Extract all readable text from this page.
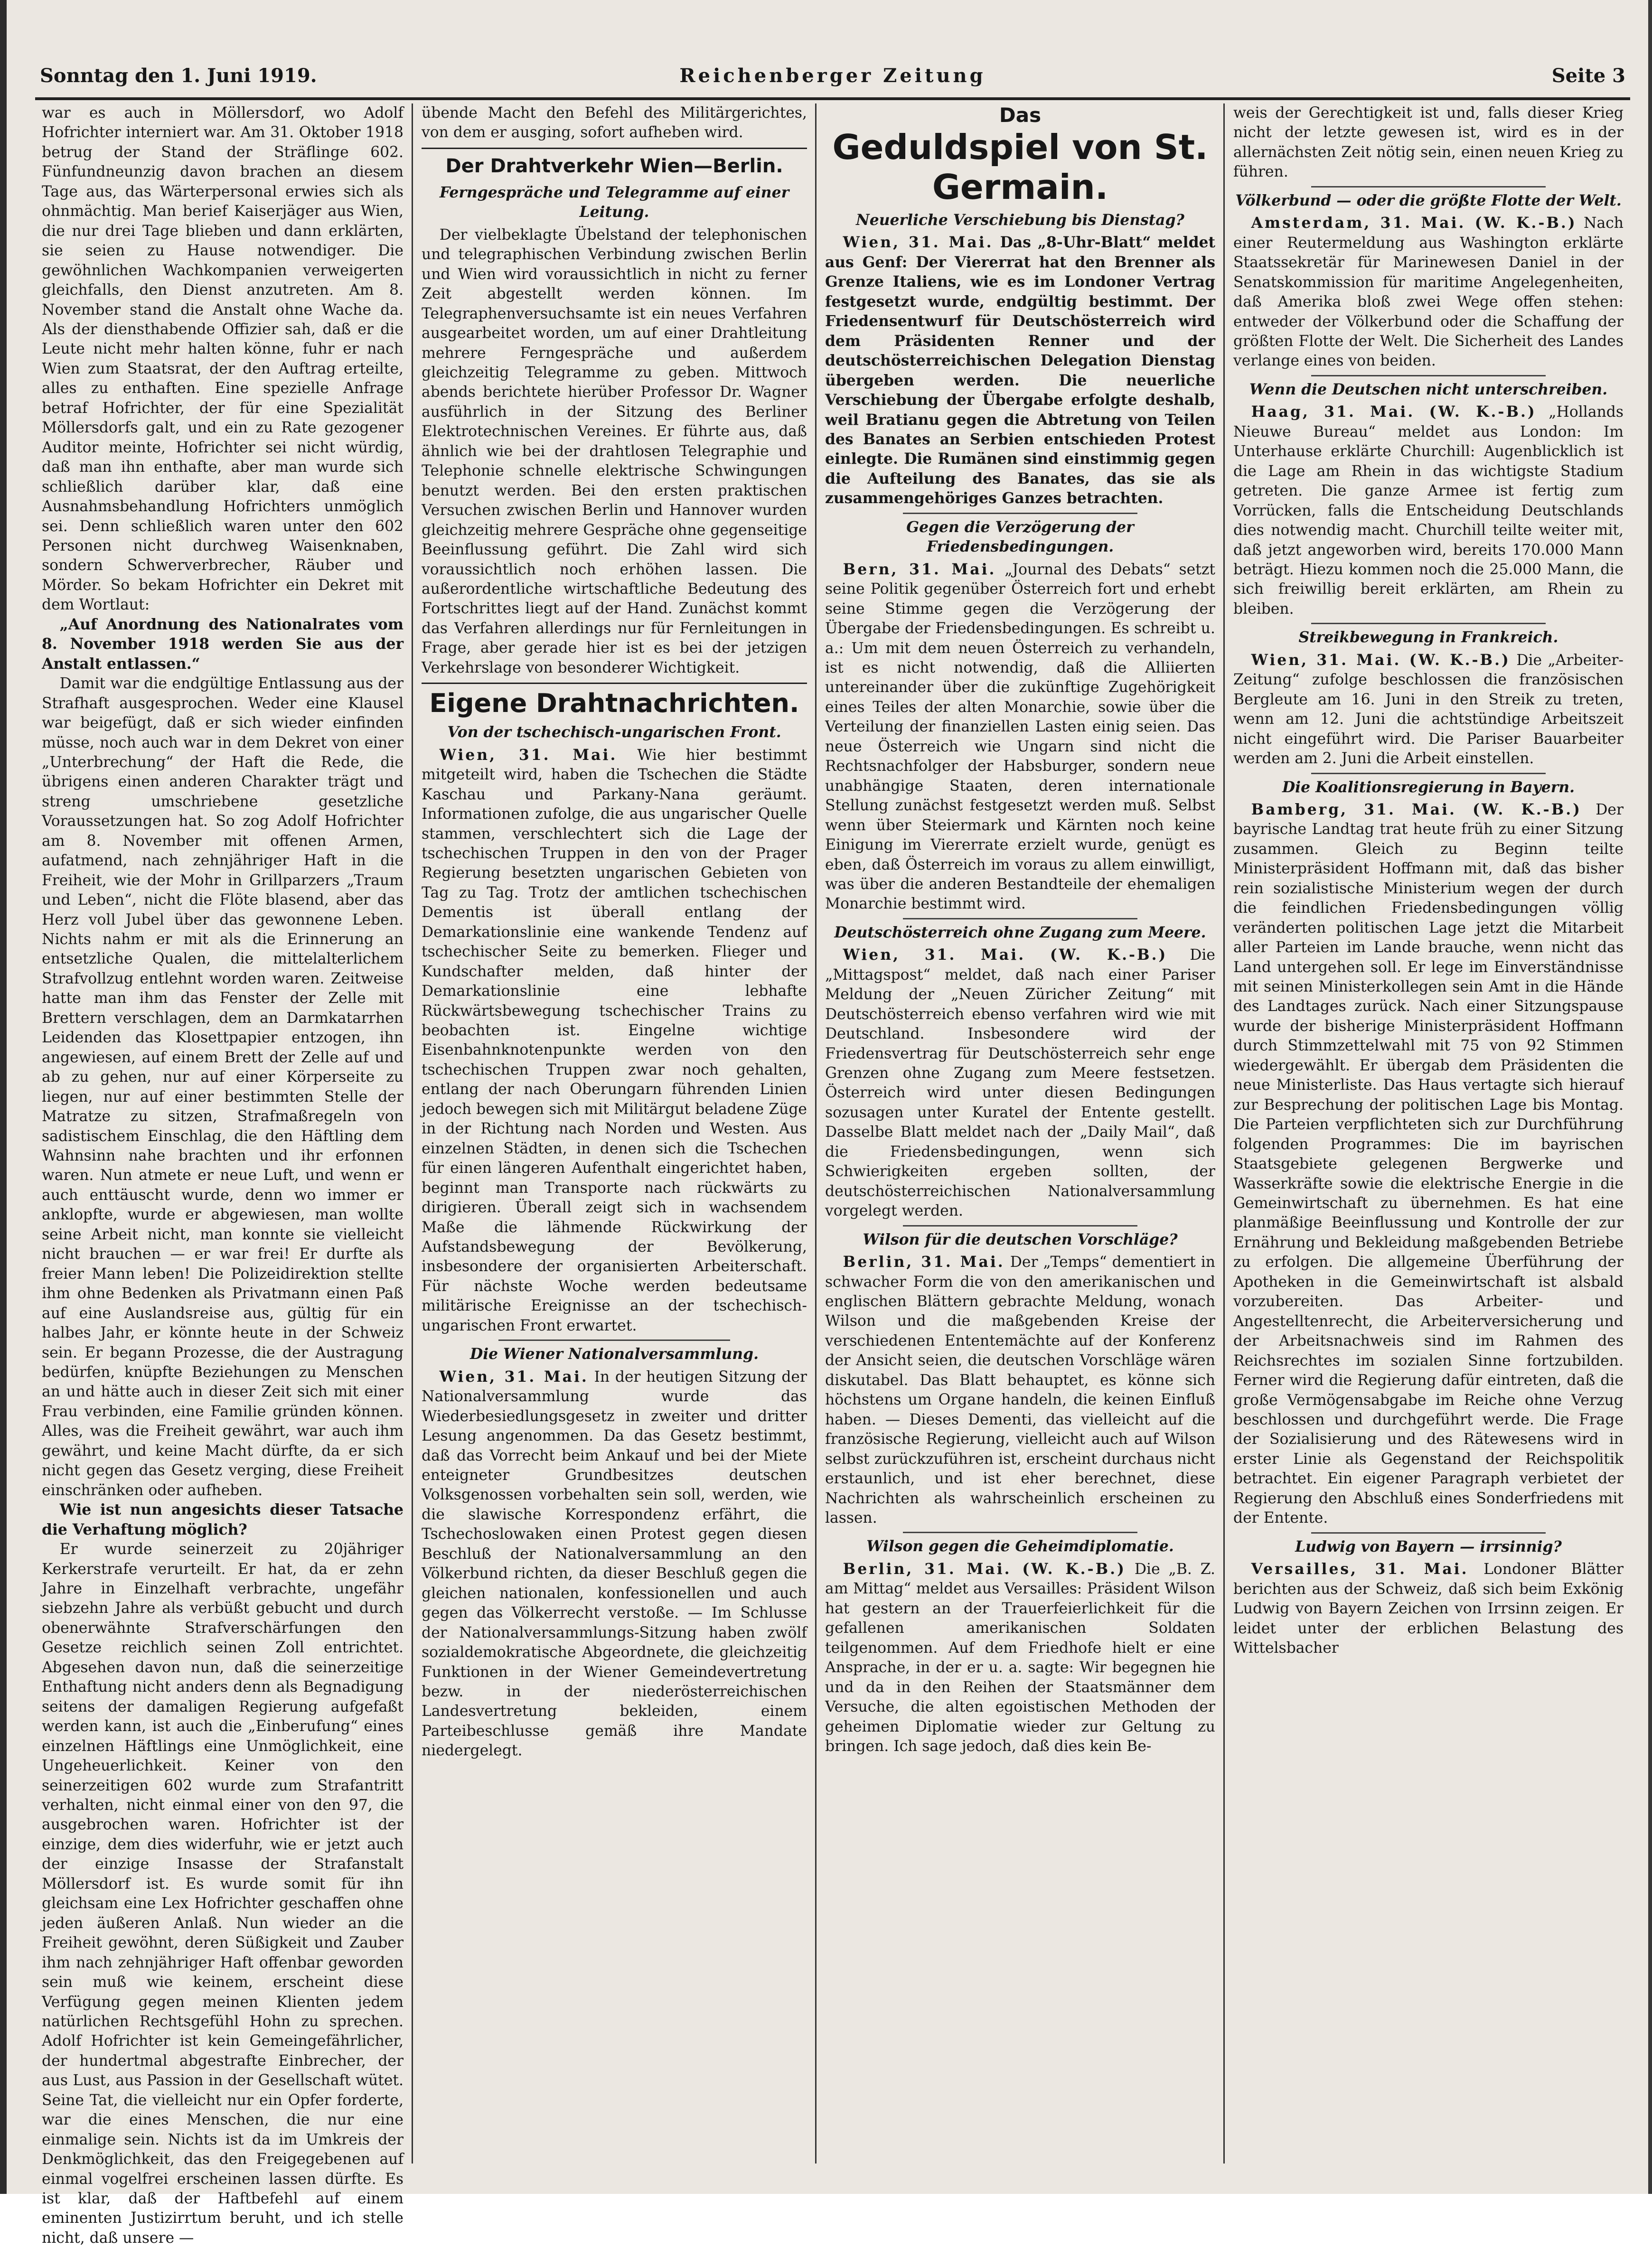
Sonntag den 1. Juni 1919.	Reichenberger Zeitung	Seite 3

war es auch in Möllersdorf, wo Adolf Hofrichter interniert war. Am 31. Oktober 1918 betrug der Stand der Sträflinge 602. Fünfundneunzig davon brachen an diesem Tage aus, das Wärterpersonal erwies sich als ohnmächtig. Man berief Kaiserjäger aus Wien, die nur drei Tage blieben und dann erklärten, sie seien zu Hause notwendiger. Die gewöhnlichen Wachkompanien verweigerten gleichfalls, den Dienst anzutreten. Am 8. November stand die Anstalt ohne Wache da. Als der diensthabende Offizier sah, daß er die Leute nicht mehr halten könne, fuhr er nach Wien zum Staatsrat, der den Auftrag erteilte, alles zu enthaften. Eine spezielle Anfrage betraf Hofrichter, der für eine Spezialität Möllersdorfs galt, und ein zu Rate gezogener Auditor meinte, Hofrichter sei nicht würdig, daß man ihn enthafte, aber man wurde sich schließlich darüber klar, daß eine Ausnahmsbehandlung Hofrichters unmöglich sei. Denn schließlich waren unter den 602 Personen nicht durchweg Waisenknaben, sondern Schwerverbrecher, Räuber und Mörder. So bekam Hofrichter ein Dekret mit dem Wortlaut:

„Auf Anordnung des Nationalrates vom 8. November 1918 werden Sie aus der Anstalt entlassen.“

Damit war die endgültige Entlassung aus der Strafhaft ausgesprochen. Weder eine Klausel war beigefügt, daß er sich wieder einfinden müsse, noch auch war in dem Dekret von einer „Unterbrechung“ der Haft die Rede, die übrigens einen anderen Charakter trägt und streng umschriebene gesetzliche Voraussetzungen hat. So zog Adolf Hofrichter am 8. November mit offenen Armen, aufatmend, nach zehnjähriger Haft in die Freiheit, wie der Mohr in Grillparzers „Traum und Leben“, nicht die Flöte blasend, aber das Herz voll Jubel über das gewonnene Leben. Nichts nahm er mit als die Erinnerung an entsetzliche Qualen, die mittelalterlichem Strafvollzug entlehnt worden waren. Zeitweise hatte man ihm das Fenster der Zelle mit Brettern verschlagen, dem an Darmkatarrhen Leidenden das Klosettpapier entzogen, ihn angewiesen, auf einem Brett der Zelle auf und ab zu gehen, nur auf einer Körperseite zu liegen, nur auf einer bestimmten Stelle der Matratze zu sitzen, Strafmaßregeln von sadistischem Einschlag, die den Häftling dem Wahnsinn nahe brachten und ihr erfonnen waren. Nun atmete er neue Luft, und wenn er auch enttäuscht wurde, denn wo immer er anklopfte, wurde er abgewiesen, man wollte seine Arbeit nicht, man konnte sie vielleicht nicht brauchen — er war frei! Er durfte als freier Mann leben! Die Polizeidirektion stellte ihm ohne Bedenken als Privatmann einen Paß auf eine Auslandsreise aus, gültig für ein halbes Jahr, er könnte heute in der Schweiz sein. Er begann Prozesse, die der Austragung bedürfen, knüpfte Beziehungen zu Menschen an und hätte auch in dieser Zeit sich mit einer Frau verbinden, eine Familie gründen können. Alles, was die Freiheit gewährt, war auch ihm gewährt, und keine Macht dürfte, da er sich nicht gegen das Gesetz verging, diese Freiheit einschränken oder aufheben.

Wie ist nun angesichts dieser Tatsache die Verhaftung möglich?

Er wurde seinerzeit zu 20jähriger Kerkerstrafe verurteilt. Er hat, da er zehn Jahre in Einzelhaft verbrachte, ungefähr siebzehn Jahre als verbüßt gebucht und durch obenerwähnte Strafverschärfungen den Gesetze reichlich seinen Zoll entrichtet. Abgesehen davon nun, daß die seinerzeitige Enthaftung nicht anders denn als Begnadigung seitens der damaligen Regierung aufgefaßt werden kann, ist auch die „Einberufung“ eines einzelnen Häftlings eine Unmöglichkeit, eine Ungeheuerlichkeit. Keiner von den seinerzeitigen 602 wurde zum Strafantritt verhalten, nicht einmal einer von den 97, die ausgebrochen waren. Hofrichter ist der einzige, dem dies widerfuhr, wie er jetzt auch der einzige Insasse der Strafanstalt Möllersdorf ist. Es wurde somit für ihn gleichsam eine Lex Hofrichter geschaffen ohne jeden äußeren Anlaß. Nun wieder an die Freiheit gewöhnt, deren Süßigkeit und Zauber ihm nach zehnjähriger Haft offenbar geworden sein muß wie keinem, erscheint diese Verfügung gegen meinen Klienten jedem natürlichen Rechtsgefühl Hohn zu sprechen. Adolf Hofrichter ist kein Gemeingefährlicher, der hundertmal abgestrafte Einbrecher, der aus Lust, aus Passion in der Gesellschaft wütet. Seine Tat, die vielleicht nur ein Opfer forderte, war die eines Menschen, die nur eine einmalige sein. Nichts ist da im Umkreis der Denkmöglichkeit, das den Freigegebenen auf einmal vogelfrei erscheinen lassen dürfte. Es ist klar, daß der Haftbefehl auf einem eminenten Justizirrtum beruht, und ich stelle nicht, daß unsere —

übende Macht den Befehl des Militärgerichtes, von dem er ausging, sofort aufheben wird.

Der Drahtverkehr Wien—Berlin.
Ferngespräche und Telegramme auf einer Leitung.

Der vielbeklagte Übelstand der telephonischen und telegraphischen Verbindung zwischen Berlin und Wien wird voraussichtlich in nicht zu ferner Zeit abgestellt werden können. Im Telegraphenversuchsamte ist ein neues Verfahren ausgearbeitet worden, um auf einer Drahtleitung mehrere Ferngespräche und außerdem gleichzeitig Telegramme zu geben. Mittwoch abends berichtete hierüber Professor Dr. Wagner ausführlich in der Sitzung des Berliner Elektrotechnischen Vereines. Er führte aus, daß ähnlich wie bei der drahtlosen Telegraphie und Telephonie schnelle elektrische Schwingungen benutzt werden. Bei den ersten praktischen Versuchen zwischen Berlin und Hannover wurden gleichzeitig mehrere Gespräche ohne gegenseitige Beeinflussung geführt. Die Zahl wird sich voraussichtlich noch erhöhen lassen. Die außerordentliche wirtschaftliche Bedeutung des Fortschrittes liegt auf der Hand. Zunächst kommt das Verfahren allerdings nur für Fernleitungen in Frage, aber gerade hier ist es bei der jetzigen Verkehrslage von besonderer Wichtigkeit.

Eigene Drahtnachrichten.
Von der tschechisch-ungarischen Front.

Wien, 31. Mai. Wie hier bestimmt mitgeteilt wird, haben die Tschechen die Städte Kaschau und Parkany-Nana geräumt. Informationen zufolge, die aus ungarischer Quelle stammen, verschlechtert sich die Lage der tschechischen Truppen in den von der Prager Regierung besetzten ungarischen Gebieten von Tag zu Tag. Trotz der amtlichen tschechischen Dementis ist überall entlang der Demarkationslinie eine wankende Tendenz auf tschechischer Seite zu bemerken. Flieger und Kundschafter melden, daß hinter der Demarkationslinie eine lebhafte Rückwärtsbewegung tschechischer Trains zu beobachten ist. Eingelne wichtige Eisenbahnknotenpunkte werden von den tschechischen Truppen zwar noch gehalten, entlang der nach Oberungarn führenden Linien jedoch bewegen sich mit Militärgut beladene Züge in der Richtung nach Norden und Westen. Aus einzelnen Städten, in denen sich die Tschechen für einen längeren Aufenthalt eingerichtet haben, beginnt man Transporte nach rückwärts zu dirigieren. Überall zeigt sich in wachsendem Maße die lähmende Rückwirkung der Aufstandsbewegung der Bevölkerung, insbesondere der organisierten Arbeiterschaft. Für nächste Woche werden bedeutsame militärische Ereignisse an der tschechisch-ungarischen Front erwartet.

Die Wiener Nationalversammlung.

Wien, 31. Mai. In der heutigen Sitzung der Nationalversammlung wurde das Wiederbesiedlungsgesetz in zweiter und dritter Lesung angenommen. Da das Gesetz bestimmt, daß das Vorrecht beim Ankauf und bei der Miete enteigneter Grundbesitzes deutschen Volksgenossen vorbehalten sein soll, werden, wie die slawische Korrespondenz erfährt, die Tschechoslowaken einen Protest gegen diesen Beschluß der Nationalversammlung an den Völkerbund richten, da dieser Beschluß gegen die gleichen nationalen, konfessionellen und auch gegen das Völkerrecht verstoße. — Im Schlusse der Nationalversammlungs-Sitzung haben zwölf sozialdemokratische Abgeordnete, die gleichzeitig Funktionen in der Wiener Gemeindevertretung bezw. in der niederösterreichischen Landesvertretung bekleiden, einem Parteibeschlusse gemäß ihre Mandate niedergelegt.

Das
Geduldspiel von St. Germain.
Neuerliche Verschiebung bis Dienstag?

Wien, 31. Mai. Das „8-Uhr-Blatt“ meldet aus Genf: Der Viererrat hat den Brenner als Grenze Italiens, wie es im Londoner Vertrag festgesetzt wurde, endgültig bestimmt. Der Friedensentwurf für Deutschösterreich wird dem Präsidenten Renner und der deutschösterreichischen Delegation Dienstag übergeben werden. Die neuerliche Verschiebung der Übergabe erfolgte deshalb, weil Bratianu gegen die Abtretung von Teilen des Banates an Serbien entschieden Protest einlegte. Die Rumänen sind einstimmig gegen die Aufteilung des Banates, das sie als zusammengehöriges Ganzes betrachten.

Gegen die Verzögerung der Friedensbedingungen.

Bern, 31. Mai. „Journal des Debats“ setzt seine Politik gegenüber Österreich fort und erhebt seine Stimme gegen die Verzögerung der Übergabe der Friedensbedingungen. Es schreibt u. a.: Um mit dem neuen Österreich zu verhandeln, ist es nicht notwendig, daß die Alliierten untereinander über die zukünftige Zugehörigkeit eines Teiles der alten Monarchie, sowie über die Verteilung der finanziellen Lasten einig seien. Das neue Österreich wie Ungarn sind nicht die Rechtsnachfolger der Habsburger, sondern neue unabhängige Staaten, deren internationale Stellung zunächst festgesetzt werden muß. Selbst wenn über Steiermark und Kärnten noch keine Einigung im Viererrate erzielt wurde, genügt es eben, daß Österreich im voraus zu allem einwilligt, was über die anderen Bestandteile der ehemaligen Monarchie bestimmt wird.

Deutschösterreich ohne Zugang zum Meere.

Wien, 31. Mai. (W. K.-B.) Die „Mittagspost“ meldet, daß nach einer Pariser Meldung der „Neuen Züricher Zeitung“ mit Deutschösterreich ebenso verfahren wird wie mit Deutschland. Insbesondere wird der Friedensvertrag für Deutschösterreich sehr enge Grenzen ohne Zugang zum Meere festsetzen. Österreich wird unter diesen Bedingungen sozusagen unter Kuratel der Entente gestellt. Dasselbe Blatt meldet nach der „Daily Mail“, daß die Friedensbedingungen, wenn sich Schwierigkeiten ergeben sollten, der deutschösterreichischen Nationalversammlung vorgelegt werden.

Wilson für die deutschen Vorschläge?

Berlin, 31. Mai. Der „Temps“ dementiert in schwacher Form die von den amerikanischen und englischen Blättern gebrachte Meldung, wonach Wilson und die maßgebenden Kreise der verschiedenen Ententemächte auf der Konferenz der Ansicht seien, die deutschen Vorschläge wären diskutabel. Das Blatt behauptet, es könne sich höchstens um Organe handeln, die keinen Einfluß haben. — Dieses Dementi, das vielleicht auf die französische Regierung, vielleicht auch auf Wilson selbst zurückzuführen ist, erscheint durchaus nicht erstaunlich, und ist eher berechnet, diese Nachrichten als wahrscheinlich erscheinen zu lassen.

Wilson gegen die Geheimdiplomatie.

Berlin, 31. Mai. (W. K.-B.) Die „B. Z. am Mittag“ meldet aus Versailles: Präsident Wilson hat gestern an der Trauerfeierlichkeit für die gefallenen amerikanischen Soldaten teilgenommen. Auf dem Friedhofe hielt er eine Ansprache, in der er u. a. sagte: Wir begegnen hie und da in den Reihen der Staatsmänner dem Versuche, die alten egoistischen Methoden der geheimen Diplomatie wieder zur Geltung zu bringen. Ich sage jedoch, daß dies kein Be-

weis der Gerechtigkeit ist und, falls dieser Krieg nicht der letzte gewesen ist, wird es in der allernächsten Zeit nötig sein, einen neuen Krieg zu führen.

Völkerbund — oder die größte Flotte der Welt.

Amsterdam, 31. Mai. (W. K.-B.) Nach einer Reutermeldung aus Washington erklärte Staatssekretär für Marinewesen Daniel in der Senatskommission für maritime Angelegenheiten, daß Amerika bloß zwei Wege offen stehen: entweder der Völkerbund oder die Schaffung der größten Flotte der Welt. Die Sicherheit des Landes verlange eines von beiden.

Wenn die Deutschen nicht unterschreiben.

Haag, 31. Mai. (W. K.-B.) „Hollands Nieuwe Bureau“ meldet aus London: Im Unterhause erklärte Churchill: Augenblicklich ist die Lage am Rhein in das wichtigste Stadium getreten. Die ganze Armee ist fertig zum Vorrücken, falls die Entscheidung Deutschlands dies notwendig macht. Churchill teilte weiter mit, daß jetzt angeworben wird, bereits 170.000 Mann beträgt. Hiezu kommen noch die 25.000 Mann, die sich freiwillig bereit erklärten, am Rhein zu bleiben.

Streikbewegung in Frankreich.

Wien, 31. Mai. (W. K.-B.) Die „Arbeiter-Zeitung“ zufolge beschlossen die französischen Bergleute am 16. Juni in den Streik zu treten, wenn am 12. Juni die achtstündige Arbeitszeit nicht eingeführt wird. Die Pariser Bauarbeiter werden am 2. Juni die Arbeit einstellen.

Die Koalitionsregierung in Bayern.

Bamberg, 31. Mai. (W. K.-B.) Der bayrische Landtag trat heute früh zu einer Sitzung zusammen. Gleich zu Beginn teilte Ministerpräsident Hoffmann mit, daß das bisher rein sozialistische Ministerium wegen der durch die feindlichen Friedensbedingungen völlig veränderten politischen Lage jetzt die Mitarbeit aller Parteien im Lande brauche, wenn nicht das Land untergehen soll. Er lege im Einverständnisse mit seinen Ministerkollegen sein Amt in die Hände des Landtages zurück. Nach einer Sitzungspause wurde der bisherige Ministerpräsident Hoffmann durch Stimmzettelwahl mit 75 von 92 Stimmen wiedergewählt. Er übergab dem Präsidenten die neue Ministerliste. Das Haus vertagte sich hierauf zur Besprechung der politischen Lage bis Montag. Die Parteien verpflichteten sich zur Durchführung folgenden Programmes: Die im bayrischen Staatsgebiete gelegenen Bergwerke und Wasserkräfte sowie die elektrische Energie in die Gemeinwirtschaft zu übernehmen. Es hat eine planmäßige Beeinflussung und Kontrolle der zur Ernährung und Bekleidung maßgebenden Betriebe zu erfolgen. Die allgemeine Überführung der Apotheken in die Gemeinwirtschaft ist alsbald vorzubereiten. Das Arbeiter- und Angestelltenrecht, die Arbeiterversicherung und der Arbeitsnachweis sind im Rahmen des Reichsrechtes im sozialen Sinne fortzubilden. Ferner wird die Regierung dafür eintreten, daß die große Vermögensabgabe im Reiche ohne Verzug beschlossen und durchgeführt werde. Die Frage der Sozialisierung und des Rätewesens wird in erster Linie als Gegenstand der Reichspolitik betrachtet. Ein eigener Paragraph verbietet der Regierung den Abschluß eines Sonderfriedens mit der Entente.

Ludwig von Bayern — irrsinnig?

Versailles, 31. Mai. Londoner Blätter berichten aus der Schweiz, daß sich beim Exkönig Ludwig von Bayern Zeichen von Irrsinn zeigen. Er leidet unter der erblichen Belastung des Wittelsbacher
